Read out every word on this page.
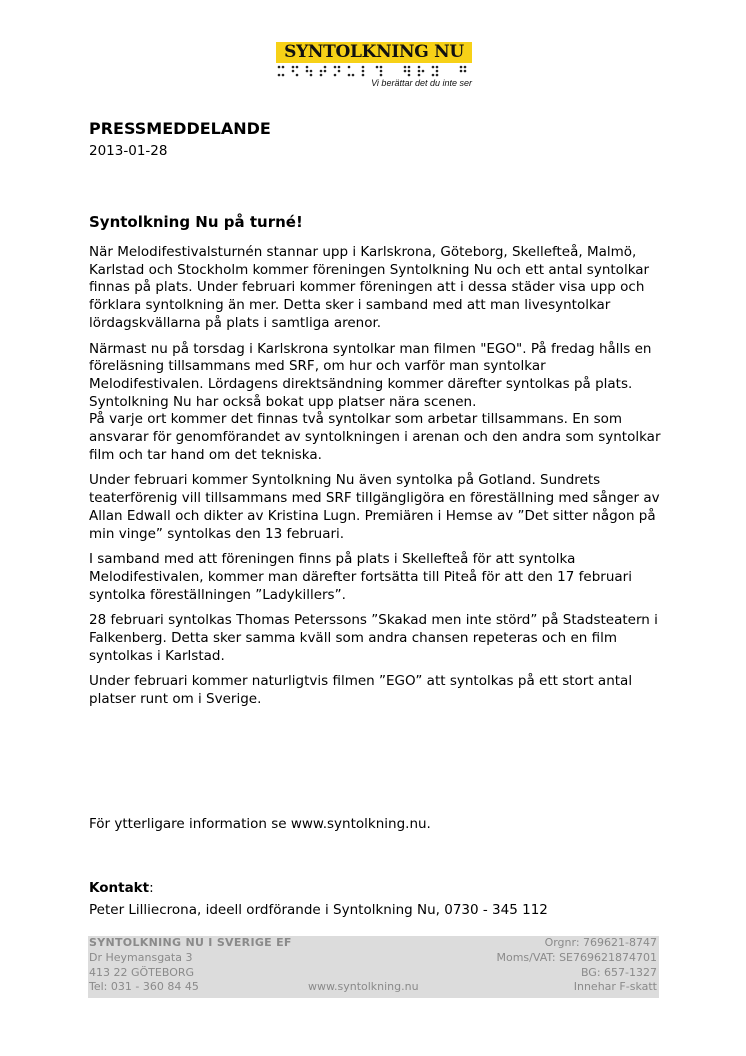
SYNTOLKNING NU
Vi berättar det du inte ser
PRESSMEDDELANDE
2013-01-28
Syntolkning Nu på turné!

När Melodifestivalsturnén stannar upp i Karlskrona, Göteborg, Skellefteå, Malmö, Karlstad och Stockholm kommer föreningen Syntolkning Nu och ett antal syntolkar finnas på plats. Under februari kommer föreningen att i dessa städer visa upp och förklara syntolkning än mer. Detta sker i samband med att man livesyntolkar lördagskvällarna på plats i samtliga arenor.

Närmast nu på torsdag i Karlskrona syntolkar man filmen "EGO". På fredag hålls en föreläsning tillsammans med SRF, om hur och varför man syntolkar Melodifestivalen. Lördagens direktsändning kommer därefter syntolkas på plats. Syntolkning Nu har också bokat upp platser nära scenen.

På varje ort kommer det finnas två syntolkar som arbetar tillsammans. En som ansvarar för genomförandet av syntolkningen i arenan och den andra som syntolkar film och tar hand om det tekniska.

Under februari kommer Syntolkning Nu även syntolka på Gotland. Sundrets teaterförenig vill tillsammans med SRF tillgängligöra en föreställning med sånger av Allan Edwall och dikter av Kristina Lugn. Premiären i Hemse av ”Det sitter någon på min vinge” syntolkas den 13 februari.

I samband med att föreningen finns på plats i Skellefteå för att syntolka Melodifestivalen, kommer man därefter fortsätta till Piteå för att den 17 februari syntolka föreställningen ”Ladykillers”.

28 februari syntolkas Thomas Peterssons ”Skakad men inte störd” på Stadsteatern i Falkenberg. Detta sker samma kväll som andra chansen repeteras och en film syntolkas i Karlstad.

Under februari kommer naturligtvis filmen ”EGO” att syntolkas på ett stort antal platser runt om i Sverige.

För ytterligare information se www.syntolkning.nu.
Kontakt:
Peter Lilliecrona, ideell ordförande i Syntolkning Nu, 0730 - 345 112
SYNTOLKNING NU I SVERIGE EF	Orgnr: 769621-8747
Dr Heymansgata 3	Moms/VAT: SE769621874701
413 22 GÖTEBORG	BG: 657-1327
Tel: 031 - 360 84 45	www.syntolkning.nu	Innehar F-skatt
